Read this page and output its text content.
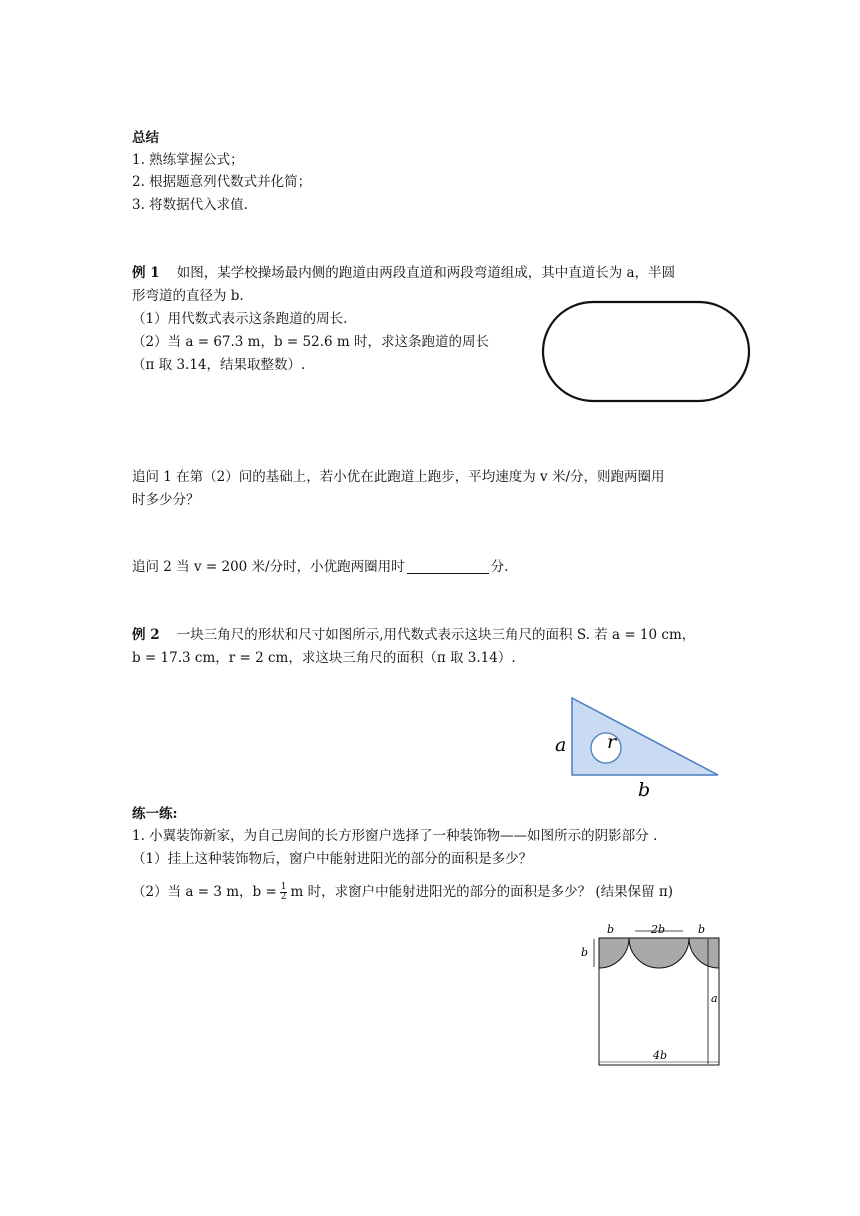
总结
1. 熟练掌握公式；
2. 根据题意列代数式并化简；
3. 将数据代入求值.
例 1 如图，某学校操场最内侧的跑道由两段直道和两段弯道组成，其中直道长为 a，半圆
形弯道的直径为 b.
（1）用代数式表示这条跑道的周长.
（2）当 a = 67.3 m，b = 52.6 m 时，求这条跑道的周长
（π 取 3.14，结果取整数）.
追问 1 在第（2）问的基础上，若小优在此跑道上跑步，平均速度为 v 米/分，则跑两圈用
时多少分？
追问 2 当 v = 200 米/分时，小优跑两圈用时	分.
例 2 一块三角尺的形状和尺寸如图所示,用代数式表示这块三角尺的面积 S. 若 a = 10 cm，
b = 17.3 cm，r = 2 cm，求这块三角尺的面积（π 取 3.14）.
a r
b
练一练:
1. 小翼装饰新家，为自己房间的长方形窗户选择了一种装饰物——如图所示的阴影部分 .
（1）挂上这种装饰物后，窗户中能射进阳光的部分的面积是多少？
（2）当 a = 3 m，$b = \frac{1}{2}$ m 时，求窗户中能射进阳光的部分的面积是多少？ (结果保留 π)
b	2b	b
b
a
4b
